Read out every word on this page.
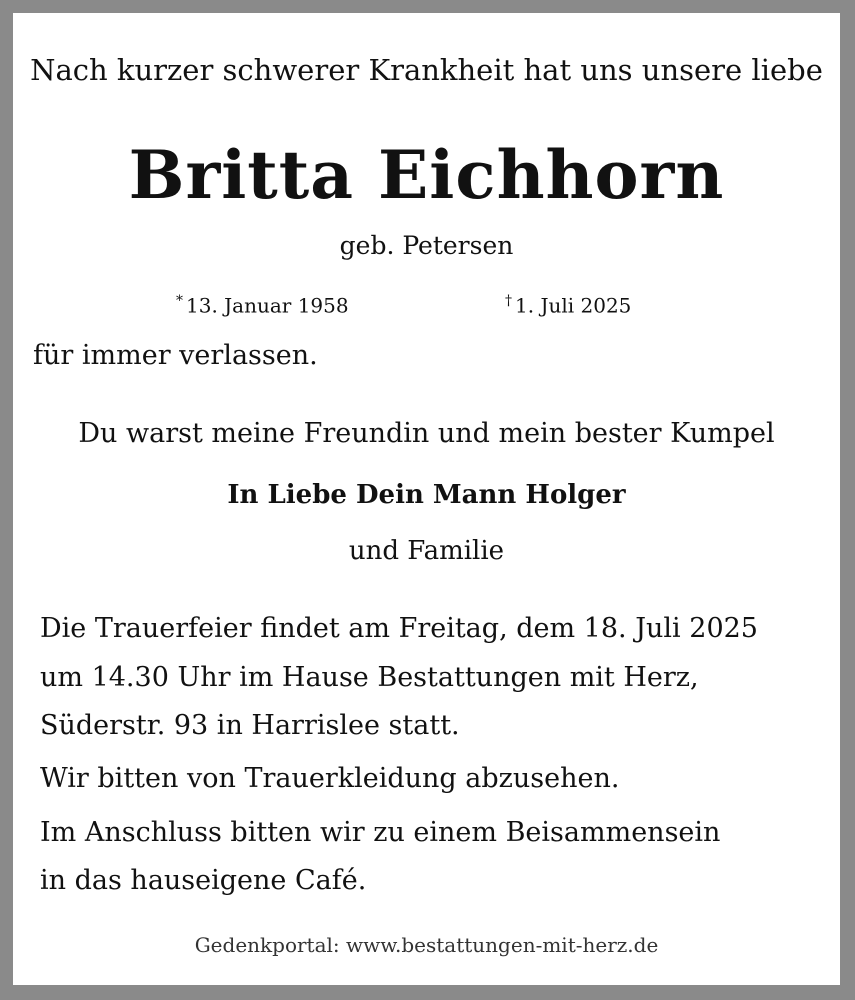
Nach kurzer schwerer Krankheit hat uns unsere liebe

Britta Eichhorn

geb. Petersen

* 13. Januar 1958	† 1. Juli 2025

für immer verlassen.

Du warst meine Freundin und mein bester Kumpel

In Liebe Dein Mann Holger

und Familie

Die Trauerfeier findet am Freitag, dem 18. Juli 2025

um 14.30 Uhr im Hause Bestattungen mit Herz,

Süderstr. 93 in Harrislee statt.

Wir bitten von Trauerkleidung abzusehen.

Im Anschluss bitten wir zu einem Beisammensein

in das hauseigene Café.

Gedenkportal: www.bestattungen-mit-herz.de
